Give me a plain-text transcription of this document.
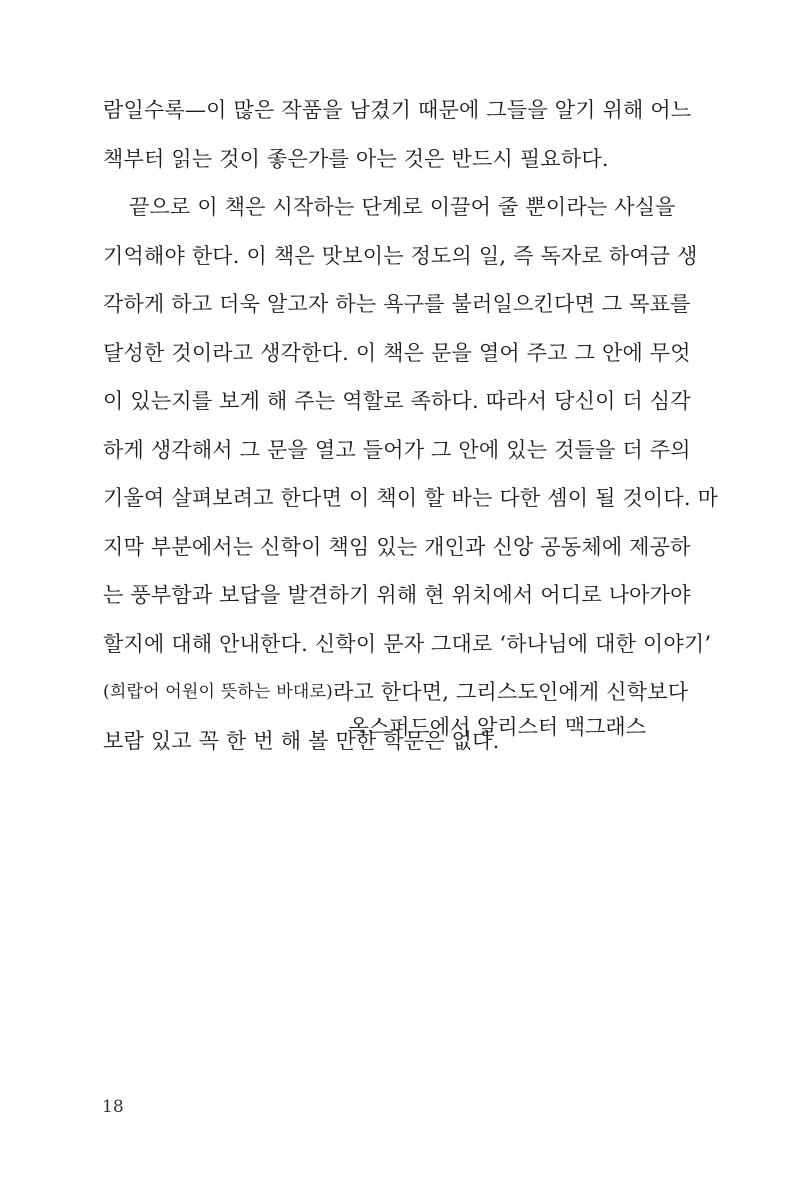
람일수록—이 많은 작품을 남겼기 때문에 그들을 알기 위해 어느
책부터 읽는 것이 좋은가를 아는 것은 반드시 필요하다.
끝으로 이 책은 시작하는 단계로 이끌어 줄 뿐이라는 사실을
기억해야 한다. 이 책은 맛보이는 정도의 일, 즉 독자로 하여금 생
각하게 하고 더욱 알고자 하는 욕구를 불러일으킨다면 그 목표를
달성한 것이라고 생각한다. 이 책은 문을 열어 주고 그 안에 무엇
이 있는지를 보게 해 주는 역할로 족하다. 따라서 당신이 더 심각
하게 생각해서 그 문을 열고 들어가 그 안에 있는 것들을 더 주의
기울여 살펴보려고 한다면 이 책이 할 바는 다한 셈이 될 것이다. 마
지막 부분에서는 신학이 책임 있는 개인과 신앙 공동체에 제공하
는 풍부함과 보답을 발견하기 위해 현 위치에서 어디로 나아가야
할지에 대해 안내한다. 신학이 문자 그대로 ‘하나님에 대한 이야기’
(희랍어 어원이 뜻하는 바대로) 라고 한다면, 그리스도인에게 신학보다
보람 있고 꼭 한 번 해 볼 만한 학문은 없다.
옥스퍼드에서 알리스터 맥그래스
18
